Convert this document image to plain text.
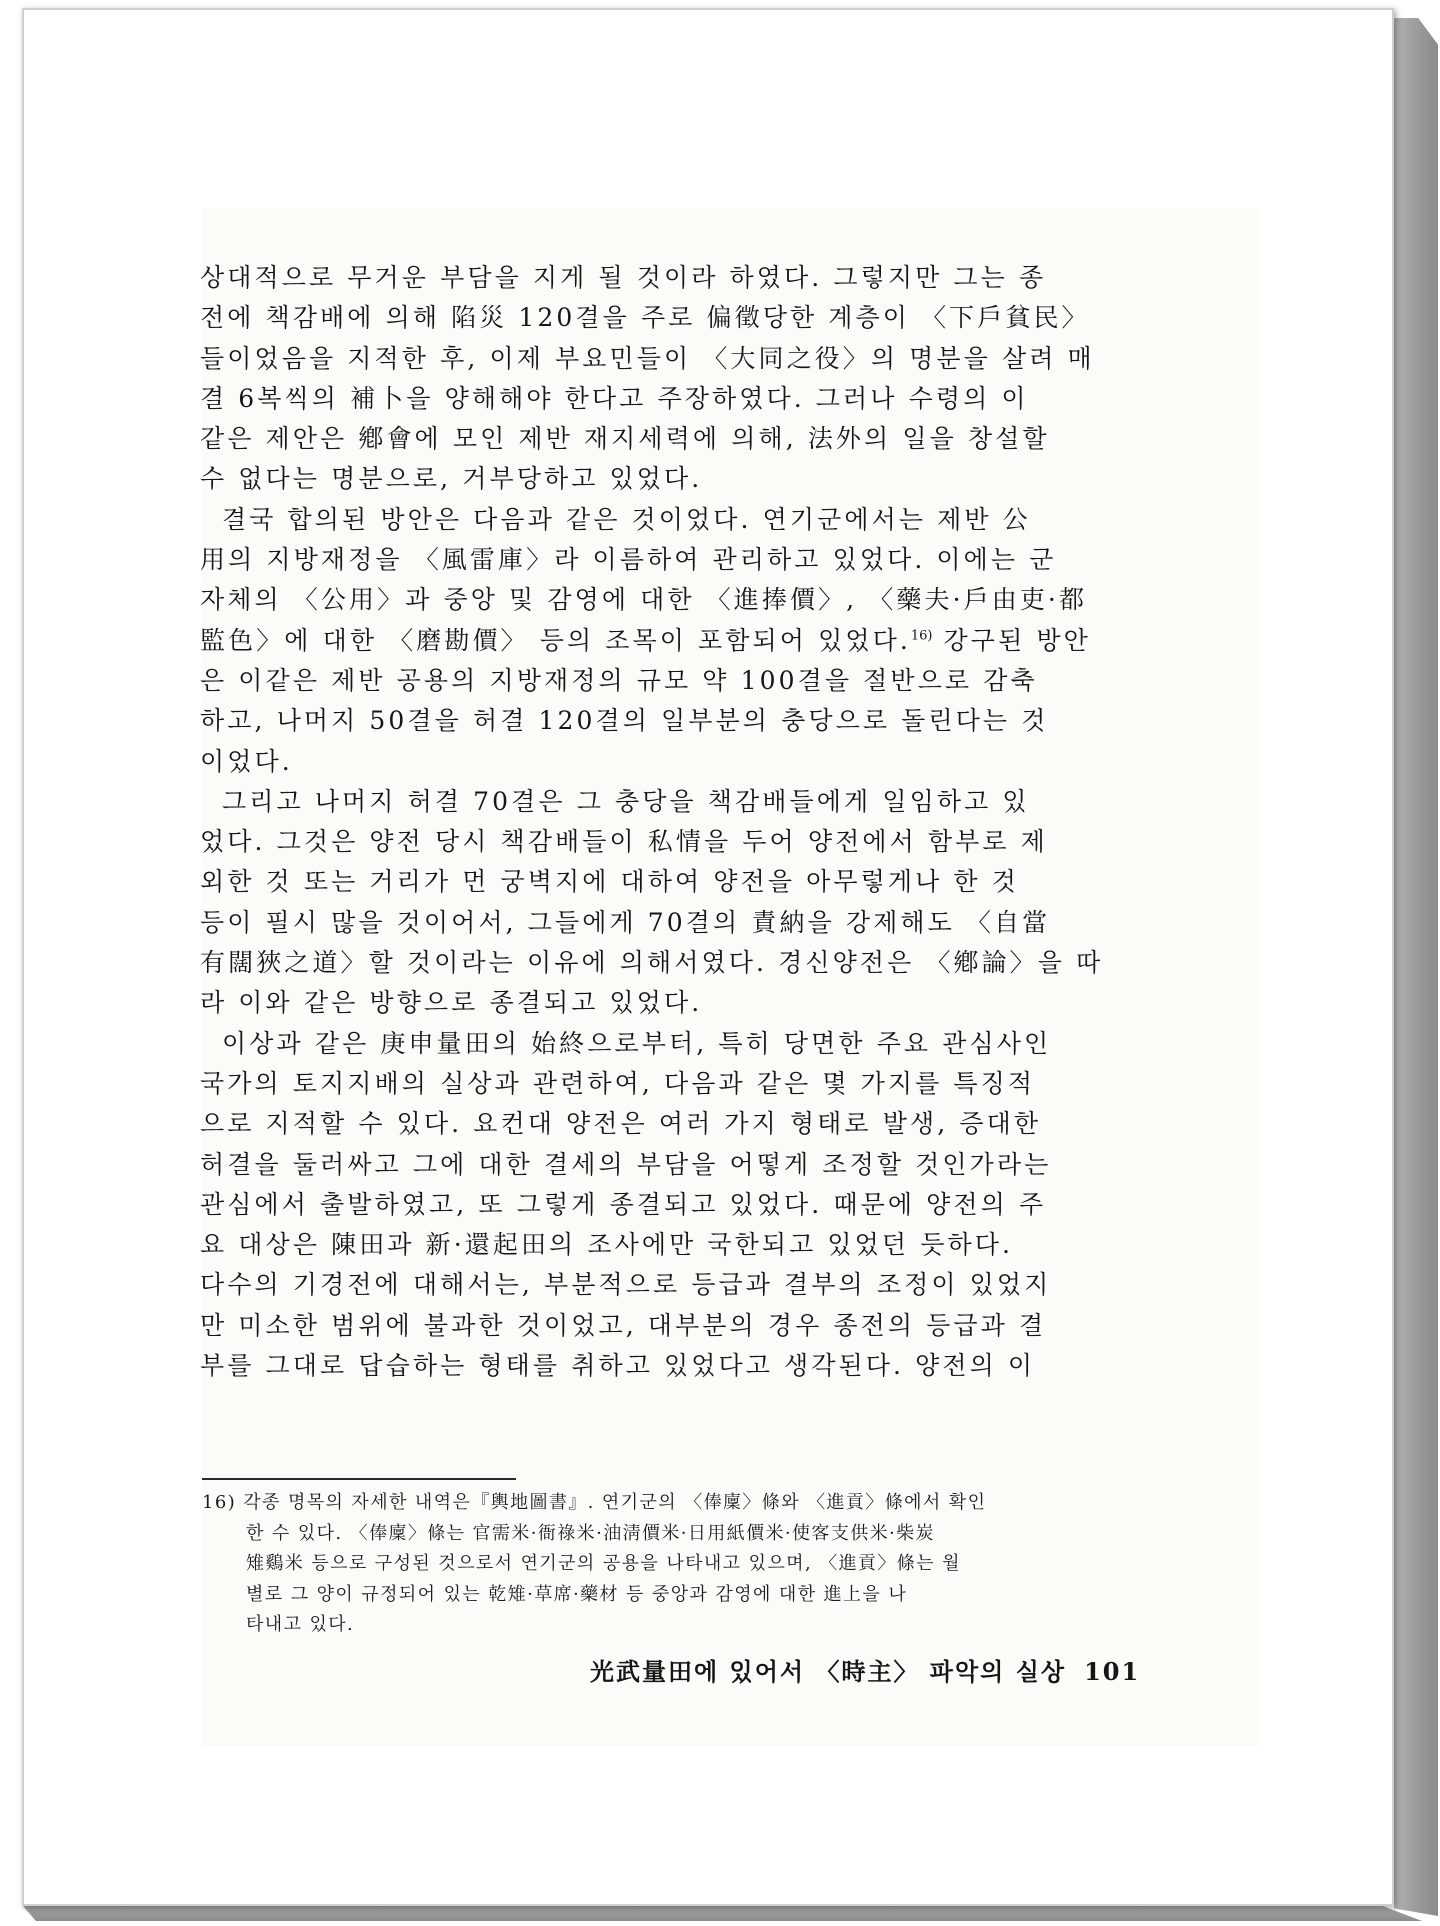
상대적으로 무거운 부담을 지게 될 것이라 하였다. 그렇지만 그는 종
전에 책감배에 의해 陷災 120결을 주로 偏徵당한 계층이 〈下戶貧民〉
들이었음을 지적한 후, 이제 부요민들이 〈大同之役〉의 명분을 살려 매
결 6복씩의 補卜을 양해해야 한다고 주장하였다. 그러나 수령의 이
같은 제안은 鄕會에 모인 제반 재지세력에 의해, 法外의 일을 창설할
수 없다는 명분으로, 거부당하고 있었다.
결국 합의된 방안은 다음과 같은 것이었다. 연기군에서는 제반 公
用의 지방재정을 〈風雷庫〉라 이름하여 관리하고 있었다. 이에는 군
자체의 〈公用〉과 중앙 및 감영에 대한 〈進捧價〉, 〈藥夫·戶由吏·都
監色〉에 대한 〈磨勘價〉 등의 조목이 포함되어 있었다.$^{16)}$ 강구된 방안
은 이같은 제반 공용의 지방재정의 규모 약 100결을 절반으로 감축
하고, 나머지 50결을 허결 120결의 일부분의 충당으로 돌린다는 것
이었다.
그리고 나머지 허결 70결은 그 충당을 책감배들에게 일임하고 있
었다. 그것은 양전 당시 책감배들이 私情을 두어 양전에서 함부로 제
외한 것 또는 거리가 먼 궁벽지에 대하여 양전을 아무렇게나 한 것
등이 필시 많을 것이어서, 그들에게 70결의 責納을 강제해도 〈自當
有闊狹之道〉할 것이라는 이유에 의해서였다. 경신양전은 〈鄕論〉을 따
라 이와 같은 방향으로 종결되고 있었다.
이상과 같은 庚申量田의 始終으로부터, 특히 당면한 주요 관심사인
국가의 토지지배의 실상과 관련하여, 다음과 같은 몇 가지를 특징적
으로 지적할 수 있다. 요컨대 양전은 여러 가지 형태로 발생, 증대한
허결을 둘러싸고 그에 대한 결세의 부담을 어떻게 조정할 것인가라는
관심에서 출발하였고, 또 그렇게 종결되고 있었다. 때문에 양전의 주
요 대상은 陳田과 新·還起田의 조사에만 국한되고 있었던 듯하다.
다수의 기경전에 대해서는, 부분적으로 등급과 결부의 조정이 있었지
만 미소한 범위에 불과한 것이었고, 대부분의 경우 종전의 등급과 결
부를 그대로 답습하는 형태를 취하고 있었다고 생각된다. 양전의 이
16) 각종 명목의 자세한 내역은『輿地圖書』. 연기군의 〈俸廩〉條와 〈進貢〉條에서 확인
한 수 있다. 〈俸廩〉條는 官需米·衙祿米·油淸價米·日用紙價米·使客支供米·柴炭
雉鷄米 등으로 구성된 것으로서 연기군의 공용을 나타내고 있으며, 〈進貢〉條는 월
별로 그 양이 규정되어 있는 乾雉·草席·藥材 등 중앙과 감영에 대한 進上을 나
타내고 있다.
光武量田에 있어서 〈時主〉 파악의 실상 101
